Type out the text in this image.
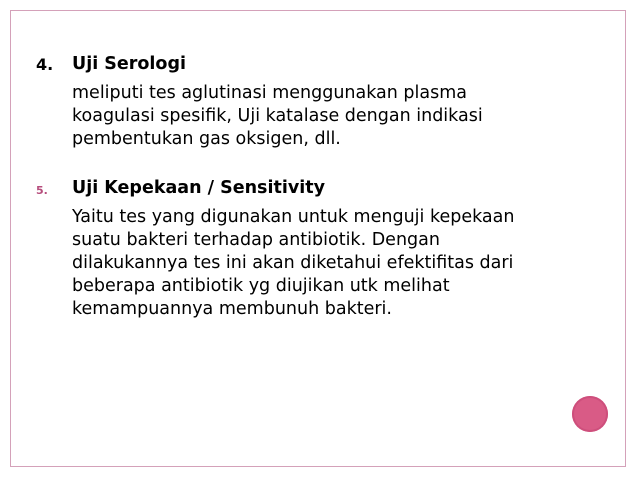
4. Uji Serologi
meliputi tes aglutinasi menggunakan plasma
koagulasi spesifik, Uji katalase dengan indikasi
pembentukan gas oksigen, dll.
5. Uji Kepekaan / Sensitivity
Yaitu tes yang digunakan untuk menguji kepekaan
suatu bakteri terhadap antibiotik. Dengan
dilakukannya tes ini akan diketahui efektifitas dari
beberapa antibiotik yg diujikan utk melihat
kemampuannya membunuh bakteri.
